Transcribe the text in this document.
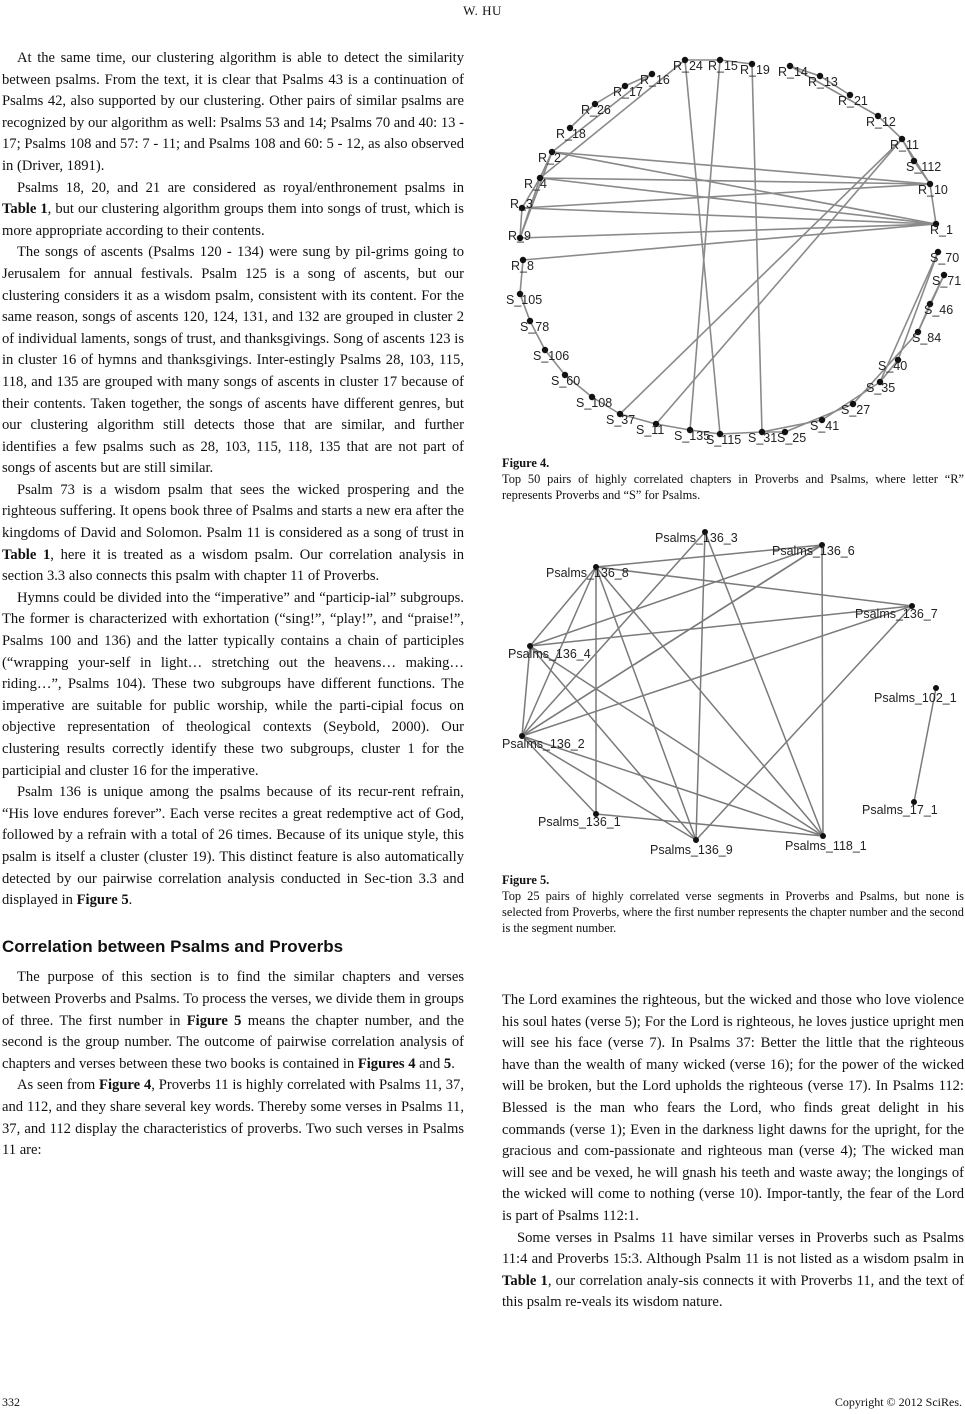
W. HU

At the same time, our clustering algorithm is able to detect the similarity between psalms. From the text, it is clear that Psalms 43 is a continuation of Psalms 42, also supported by our clustering. Other pairs of similar psalms are recognized by our algorithm as well: Psalms 53 and 14; Psalms 70 and 40: 13 - 17; Psalms 108 and 57: 7 - 11; and Psalms 108 and 60: 5 - 12, as also observed in (Driver, 1891).

Psalms 18, 20, and 21 are considered as royal/enthronement psalms in Table 1, but our clustering algorithm groups them into songs of trust, which is more appropriate according to their contents.

The songs of ascents (Psalms 120 - 134) were sung by pil-grims going to Jerusalem for annual festivals. Psalm 125 is a song of ascents, but our clustering considers it as a wisdom psalm, consistent with its content. For the same reason, songs of ascents 120, 124, 131, and 132 are grouped in cluster 2 of individual laments, songs of trust, and thanksgivings. Song of ascents 123 is in cluster 16 of hymns and thanksgivings. Inter-estingly Psalms 28, 103, 115, 118, and 135 are grouped with many songs of ascents in cluster 17 because of their contents. Taken together, the songs of ascents have different genres, but our clustering algorithm still detects those that are similar, and further identifies a few psalms such as 28, 103, 115, 118, 135 that are not part of songs of ascents but are still similar.

Psalm 73 is a wisdom psalm that sees the wicked prospering and the righteous suffering. It opens book three of Psalms and starts a new era after the kingdoms of David and Solomon. Psalm 11 is considered as a song of trust in Table 1, here it is treated as a wisdom psalm. Our correlation analysis in section 3.3 also connects this psalm with chapter 11 of Proverbs.

Hymns could be divided into the “imperative” and “particip-ial” subgroups. The former is characterized with exhortation (“sing!”, “play!”, and “praise!”, Psalms 100 and 136) and the latter typically contains a chain of participles (“wrapping your-self in light… stretching out the heavens… making… riding…”, Psalms 104). These two subgroups have different functions. The imperative are suitable for public worship, while the parti-cipial focus on objective representation of theological contexts (Seybold, 2000). Our clustering results correctly identify these two subgroups, cluster 1 for the participial and cluster 16 for the imperative.

Psalm 136 is unique among the psalms because of its recur-rent refrain, “His love endures forever”. Each verse recites a great redemptive act of God, followed by a refrain with a total of 26 times. Because of its unique style, this psalm is itself a cluster (cluster 19). This distinct feature is also automatically detected by our pairwise correlation analysis conducted in Sec-tion 3.3 and displayed in Figure 5.

Correlation between Psalms and Proverbs

The purpose of this section is to find the similar chapters and verses between Proverbs and Psalms. To process the verses, we divide them in groups of three. The first number in Figure 5 means the chapter number, and the second is the group number. The outcome of pairwise correlation analysis of chapters and verses between these two books is contained in Figures 4 and 5.

As seen from Figure 4, Proverbs 11 is highly correlated with Psalms 11, 37, and 112, and they share several key words. Thereby some verses in Psalms 11, 37, and 112 display the characteristics of proverbs. Two such verses in Psalms 11 are:

R_24 R_15 R_19 R_14
R_16	R_13
R_17
R_21
R_26
R_12
R_18
R_11
S_112
R_2
R_10
R_4
R_1
R_3
R_9
S_70
R_8
S_71
S_105
S_46
S_78
S_84
S_106
S_40
S_60	S_35
S_108	S_27
S_37	S_41
S_11 S_135
S_115 S_31 S_25
Figure 4.
Top 50 pairs of highly correlated chapters in Proverbs and Psalms, where letter “R” represents Proverbs and “S” for Psalms.
Psalms_136_3
Psalms_136_6
Psalms_136_8
Psalms_136_7
Psalms_136_4
Psalms_102_1
Psalms_136_2
Psalms_17_1
Psalms_136_1
Psalms_136_9	Psalms_118_1
Figure 5.
Top 25 pairs of highly correlated verse segments in Proverbs and Psalms, but none is selected from Proverbs, where the first number represents the chapter number and the second is the segment number.

The Lord examines the righteous, but the wicked and those who love violence his soul hates (verse 5); For the Lord is righteous, he loves justice upright men will see his face (verse 7). In Psalms 37: Better the little that the righteous have than the wealth of many wicked (verse 16); for the power of the wicked will be broken, but the Lord upholds the righteous (verse 17). In Psalms 112: Blessed is the man who fears the Lord, who finds great delight in his commands (verse 1); Even in the darkness light dawns for the upright, for the gracious and com-passionate and righteous man (verse 4); The wicked man will see and be vexed, he will gnash his teeth and waste away; the longings of the wicked will come to nothing (verse 10). Impor-tantly, the fear of the Lord is part of Psalms 112:1.

Some verses in Psalms 11 have similar verses in Proverbs such as Psalms 11:4 and Proverbs 15:3. Although Psalm 11 is not listed as a wisdom psalm in Table 1, our correlation analy-sis connects it with Proverbs 11, and the text of this psalm re-veals its wisdom nature.

332	Copyright © 2012 SciRes.
